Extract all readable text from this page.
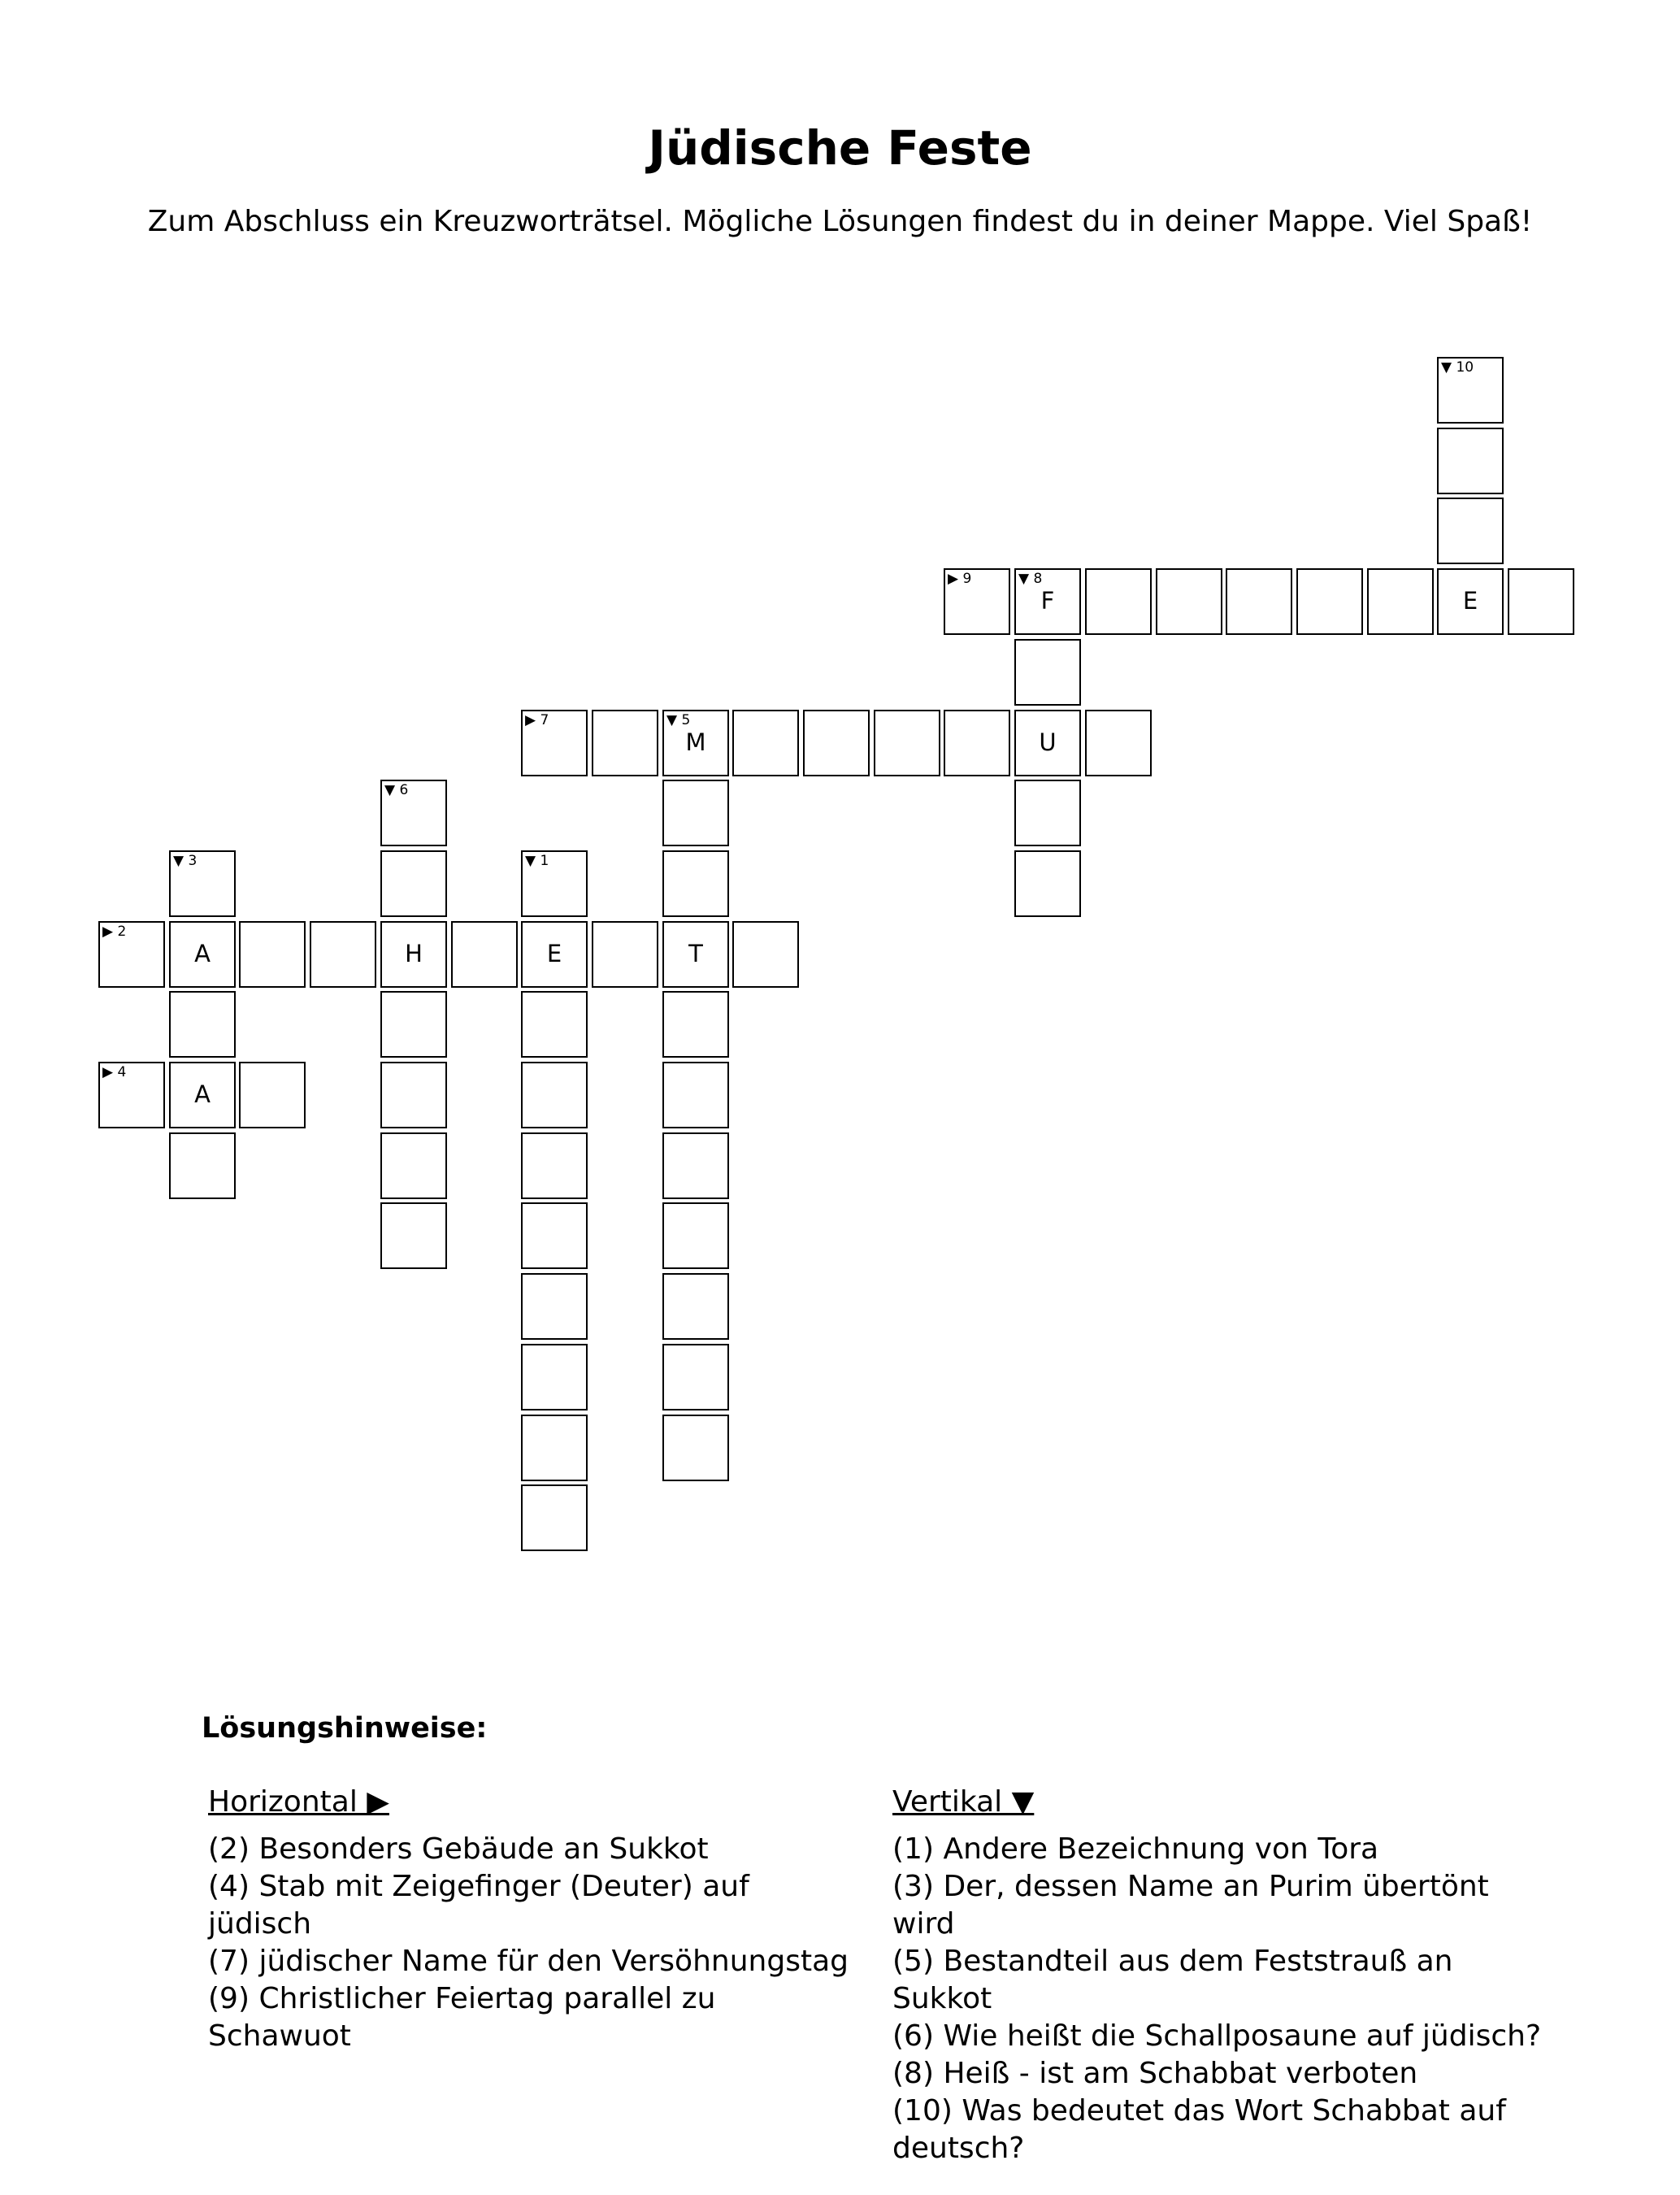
Jüdische Feste
Zum Abschluss ein Kreuzworträtsel. Mögliche Lösungen findest du in deiner Mappe. Viel Spaß!
▼ 10
▶ 9	▼ 8
F	E
▶ 7	▼ 5
M	U
▼ 6
▼ 3	▼ 1
▶ 2
A	H	E	T
▶ 4
A
Lösungshinweise:
Horizontal ▶	Vertikal ▼
(2) Besonders Gebäude an Sukkot
(4) Stab mit Zeigefinger (Deuter) auf jüdisch
(7) jüdischer Name für den Versöhnungstag
(9) Christlicher Feiertag parallel zu Schawuot
(1) Andere Bezeichnung von Tora
(3) Der, dessen Name an Purim übertönt wird
(5) Bestandteil aus dem Feststrauß an Sukkot
(6) Wie heißt die Schallposaune auf jüdisch?
(8) Heiß - ist am Schabbat verboten
(10) Was bedeutet das Wort Schabbat auf deutsch?
